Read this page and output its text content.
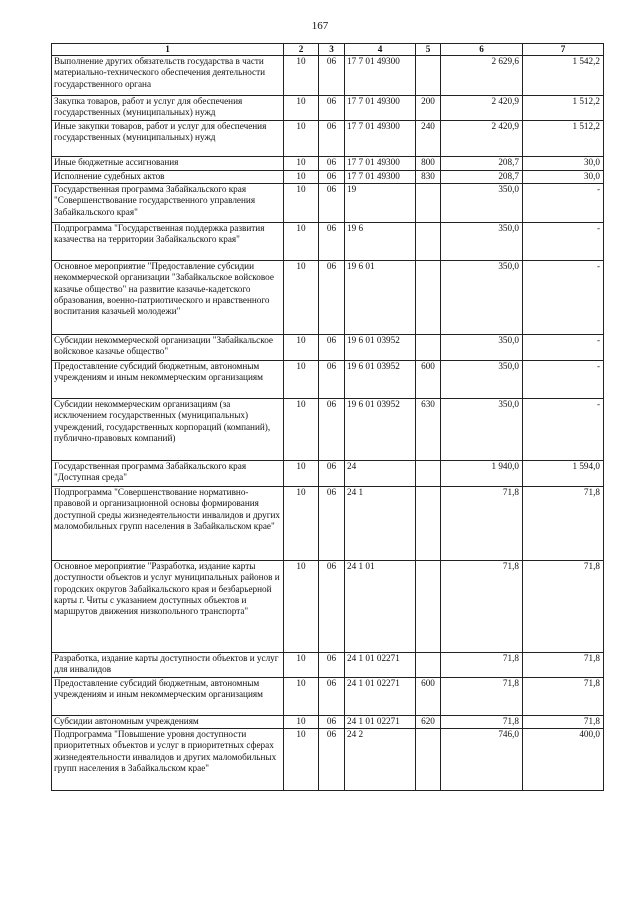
167
1	2	3	4	5	6	7
Выполнение других обязательств государства в части материально-технического обеспечения деятельности государственного органа	10	06	17 7 01 49300		2 629,6	1 542,2
Закупка товаров, работ и услуг для обеспечения государственных (муниципальных) нужд	10	06	17 7 01 49300	200	2 420,9	1 512,2
Иные закупки товаров, работ и услуг для обеспечения государственных (муниципальных) нужд	10	06	17 7 01 49300	240	2 420,9	1 512,2
Иные бюджетные ассигнования	10	06	17 7 01 49300	800	208,7	30,0
Исполнение судебных актов	10	06	17 7 01 49300	830	208,7	30,0
Государственная программа Забайкальского края "Совершенствование государственного управления Забайкальского края"	10	06	19		350,0	-
Подпрограмма "Государственная поддержка развития казачества на территории Забайкальского края"	10	06	19 6		350,0	-
Основное мероприятие "Предоставление субсидии некоммерческой организации "Забайкальское войсковое казачье общество" на развитие казачье-кадетского образования, военно-патриотического и нравственного воспитания казачьей молодежи"	10	06	19 6 01		350,0	-
Субсидии некоммерческой организации "Забайкальское войсковое казачье общество"	10	06	19 6 01 03952		350,0	-
Предоставление субсидий бюджетным, автономным учреждениям и иным некоммерческим организациям	10	06	19 6 01 03952	600	350,0	-
Субсидии некоммерческим организациям (за исключением государственных (муниципальных) учреждений, государственных корпораций (компаний), публично-правовых компаний)	10	06	19 6 01 03952	630	350,0	-
Государственная программа Забайкальского края "Доступная среда"	10	06	24		1 940,0	1 594,0
Подпрограмма "Совершенствование нормативно-правовой и организационной основы формирования доступной среды жизнедеятельности инвалидов и других маломобильных групп населения в Забайкальском крае"	10	06	24 1		71,8	71,8
Основное мероприятие "Разработка, издание карты доступности объектов и услуг муниципальных районов и городских округов Забайкальского края и безбарьерной карты г. Читы с указанием доступных объектов и маршрутов движения низкопольного транспорта"	10	06	24 1 01		71,8	71,8
Разработка, издание карты доступности объектов и услуг для инвалидов	10	06	24 1 01 02271		71,8	71,8
Предоставление субсидий бюджетным, автономным учреждениям и иным некоммерческим организациям	10	06	24 1 01 02271	600	71,8	71,8
Субсидии автономным учреждениям	10	06	24 1 01 02271	620	71,8	71,8
Подпрограмма "Повышение уровня доступности приоритетных объектов и услуг в приоритетных сферах жизнедеятельности инвалидов и других маломобильных групп населения в Забайкальском крае"	10	06	24 2		746,0	400,0
